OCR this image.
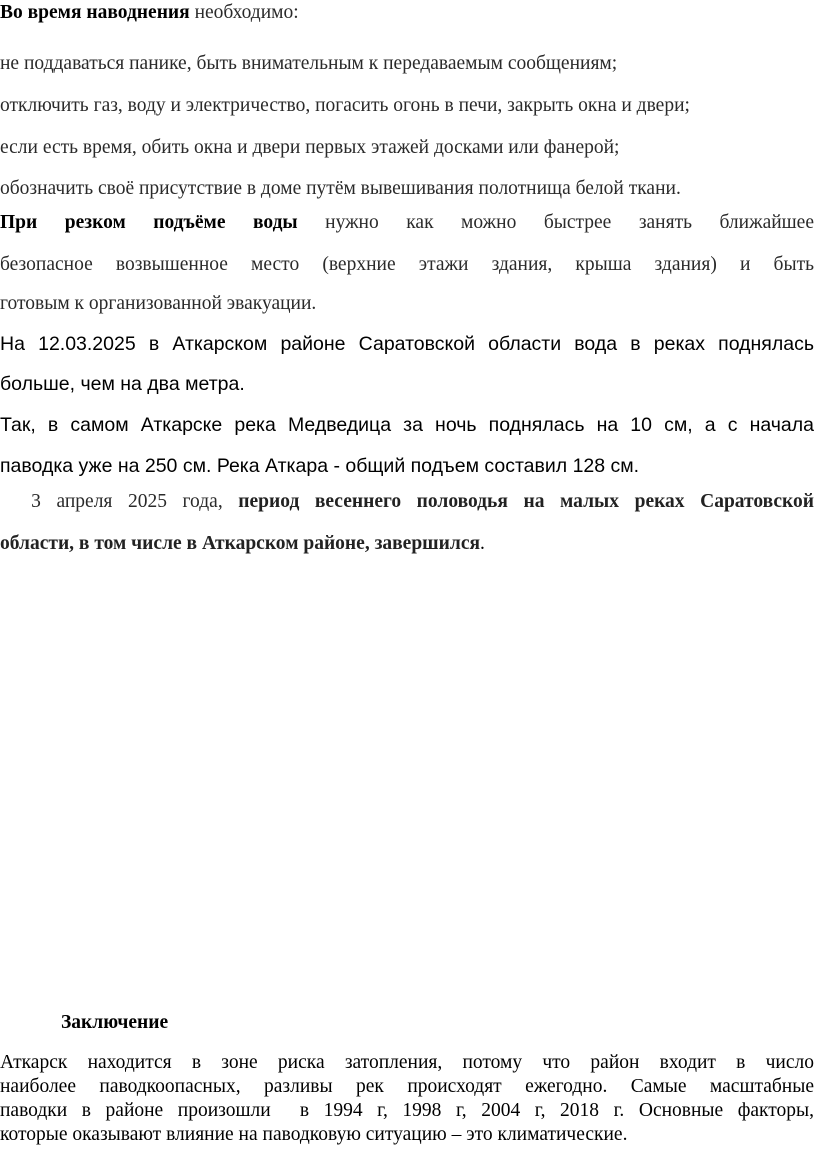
Во время наводнения необходимо:
не поддаваться панике, быть внимательным к передаваемым сообщениям;
отключить газ, воду и электричество, погасить огонь в печи, закрыть окна и двери;
если есть время, обить окна и двери первых этажей досками или фанерой;
обозначить своё присутствие в доме путём вывешивания полотнища белой ткани.
При резком подъёме воды нужно как можно быстрее занять ближайшее
безопасное возвышенное место (верхние этажи здания, крыша здания) и быть
готовым к организованной эвакуации.
На 12.03.2025 в Аткарском районе Саратовской области вода в реках поднялась
больше, чем на два метра.
Так, в самом Аткарске река Медведица за ночь поднялась на 10 см, а с начала
паводка уже на 250 см. Река Аткара - общий подъем составил 128 см.
3 апреля 2025 года, период весеннего половодья на малых реках Саратовской
области, в том числе в Аткарском районе, завершился.
Заключение
Аткарск находится в зоне риска затопления, потому что район входит в число
наиболее паводкоопасных, разливы рек происходят ежегодно. Самые масштабные
паводки в районе произошли  в 1994 г, 1998 г, 2004 г, 2018 г. Основные факторы,
которые оказывают влияние на паводковую ситуацию – это климатические.
